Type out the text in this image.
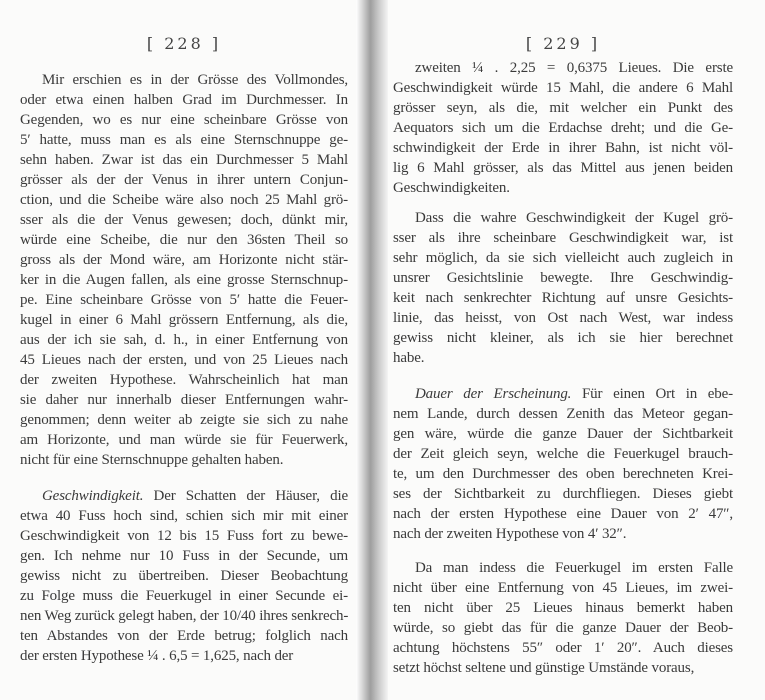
[ 228 ]
Mir erschien es in der Grösse des Vollmondes,
oder etwa einen halben Grad im Durchmesser. In
Gegenden, wo es nur eine scheinbare Grösse von
5′ hatte, muss man es als eine Sternschnuppe ge-
sehn haben. Zwar ist das ein Durchmesser 5 Mahl
grösser als der der Venus in ihrer untern Conjun-
ction, und die Scheibe wäre also noch 25 Mahl grö-
sser als die der Venus gewesen; doch, dünkt mir,
würde eine Scheibe, die nur den 36sten Theil so
gross als der Mond wäre, am Horizonte nicht stär-
ker in die Augen fallen, als eine grosse Sternschnup-
pe. Eine scheinbare Grösse von 5′ hatte die Feuer-
kugel in einer 6 Mahl grössern Entfernung, als die,
aus der ich sie sah, d. h., in einer Entfernung von
45 Lieues nach der ersten, und von 25 Lieues nach
der zweiten Hypothese. Wahrscheinlich hat man
sie daher nur innerhalb dieser Entfernungen wahr-
genommen; denn weiter ab zeigte sie sich zu nahe
am Horizonte, und man würde sie für Feuerwerk,
nicht für eine Sternschnuppe gehalten haben.
Geschwindigkeit. Der Schatten der Häuser, die
etwa 40 Fuss hoch sind, schien sich mir mit einer
Geschwindigkeit von 12 bis 15 Fuss fort zu bewe-
gen. Ich nehme nur 10 Fuss in der Secunde, um
gewiss nicht zu übertreiben. Dieser Beobachtung
zu Folge muss die Feuerkugel in einer Secunde ei-
nen Weg zurück gelegt haben, der 10/40 ihres senkrech-
ten Abstandes von der Erde betrug; folglich nach
der ersten Hypothese ¼ . 6,5 = 1,625, nach der
[ 229 ]
zweiten ¼ . 2,25 = 0,6375 Lieues. Die erste
Geschwindigkeit würde 15 Mahl, die andere 6 Mahl
grösser seyn, als die, mit welcher ein Punkt des
Aequators sich um die Erdachse dreht; und die Ge-
schwindigkeit der Erde in ihrer Bahn, ist nicht völ-
lig 6 Mahl grösser, als das Mittel aus jenen beiden
Geschwindigkeiten.
Dass die wahre Geschwindigkeit der Kugel grö-
sser als ihre scheinbare Geschwindigkeit war, ist
sehr möglich, da sie sich vielleicht auch zugleich in
unsrer Gesichtslinie bewegte. Ihre Geschwindig-
keit nach senkrechter Richtung auf unsre Gesichts-
linie, das heisst, von Ost nach West, war indess
gewiss nicht kleiner, als ich sie hier berechnet
habe.
Dauer der Erscheinung. Für einen Ort in ebe-
nem Lande, durch dessen Zenith das Meteor gegan-
gen wäre, würde die ganze Dauer der Sichtbarkeit
der Zeit gleich seyn, welche die Feuerkugel brauch-
te, um den Durchmesser des oben berechneten Krei-
ses der Sichtbarkeit zu durchfliegen. Dieses giebt
nach der ersten Hypothese eine Dauer von 2′ 47″,
nach der zweiten Hypothese von 4′ 32″.
Da man indess die Feuerkugel im ersten Falle
nicht über eine Entfernung von 45 Lieues, im zwei-
ten nicht über 25 Lieues hinaus bemerkt haben
würde, so giebt das für die ganze Dauer der Beob-
achtung höchstens 55″ oder 1′ 20″. Auch dieses
setzt höchst seltene und günstige Umstände voraus,
